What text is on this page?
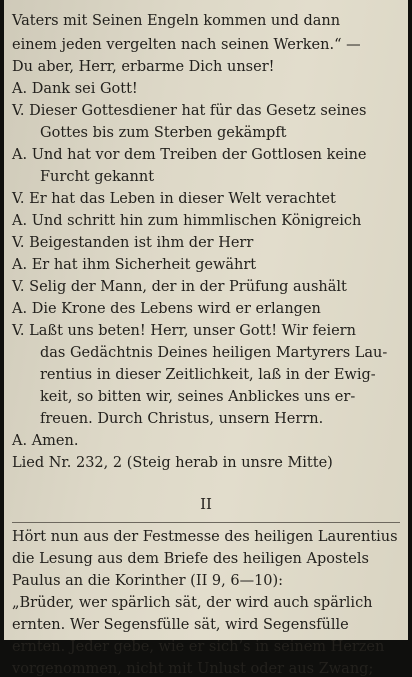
Vaters mit Seinen Engeln kommen und dann
einem jeden vergelten nach seinen Werken.“ —
Du aber, Herr, erbarme Dich unser!
A. Dank sei Gott!
V. Dieser Gottesdiener hat für das Gesetz seines
Gottes bis zum Sterben gekämpft
A. Und hat vor dem Treiben der Gottlosen keine
Furcht gekannt
V. Er hat das Leben in dieser Welt verachtet
A. Und schritt hin zum himmlischen Königreich
V. Beigestanden ist ihm der Herr
A. Er hat ihm Sicherheit gewährt
V. Selig der Mann, der in der Prüfung aushält
A. Die Krone des Lebens wird er erlangen
V. Laßt uns beten! Herr, unser Gott! Wir feiern
das Gedächtnis Deines heiligen Martyrers Lau-
rentius in dieser Zeitlichkeit, laß in der Ewig-
keit, so bitten wir, seines Anblickes uns er-
freuen. Durch Christus, unsern Herrn.
A. Amen.
Lied Nr. 232, 2 (Steig herab in unsre Mitte)
II
Hört nun aus der Festmesse des heiligen Laurentius
die Lesung aus dem Briefe des heiligen Apostels
Paulus an die Korinther (II 9, 6—10):
„Brüder, wer spärlich sät, der wird auch spärlich
ernten. Wer Segensfülle sät, wird Segensfülle
ernten. Jeder gebe, wie er sich’s in seinem Herzen
vorgenommen, nicht mit Unlust oder aus Zwang;
